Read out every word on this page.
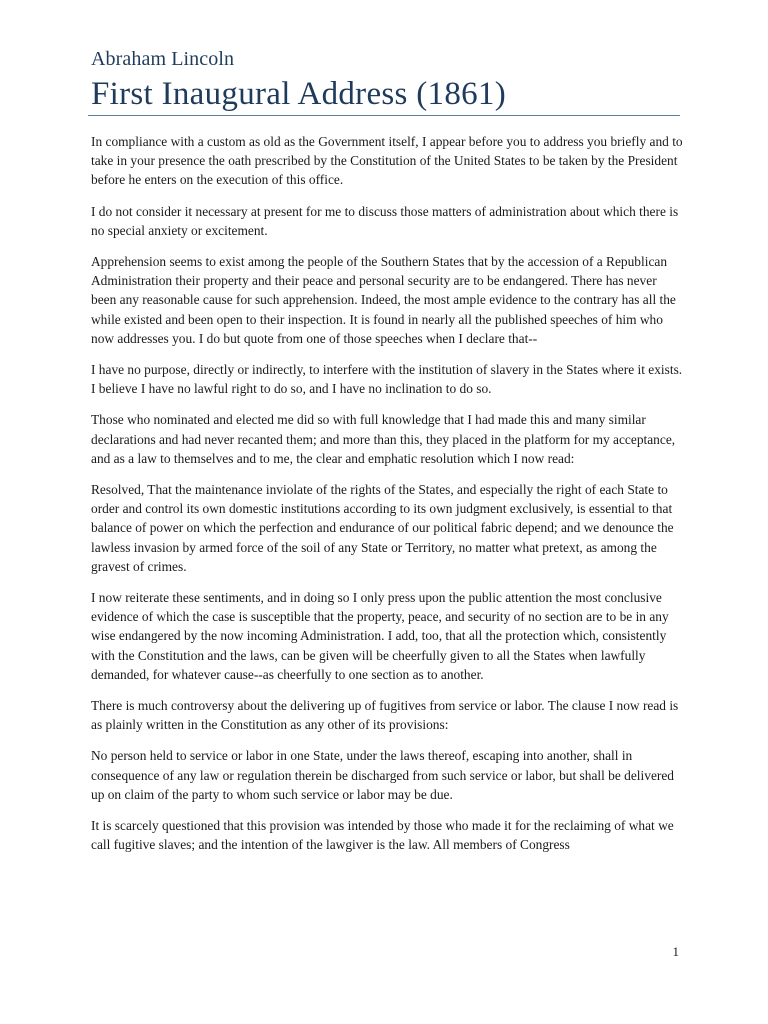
Abraham Lincoln
First Inaugural Address (1861)

In compliance with a custom as old as the Government itself, I appear before you to address you briefly and to take in your presence the oath prescribed by the Constitution of the United States to be taken by the President before he enters on the execution of this office.

I do not consider it necessary at present for me to discuss those matters of administration about which there is no special anxiety or excitement.

Apprehension seems to exist among the people of the Southern States that by the accession of a Republican Administration their property and their peace and personal security are to be endangered. There has never been any reasonable cause for such apprehension. Indeed, the most ample evidence to the contrary has all the while existed and been open to their inspection. It is found in nearly all the published speeches of him who now addresses you. I do but quote from one of those speeches when I declare that--

I have no purpose, directly or indirectly, to interfere with the institution of slavery in the States where it exists. I believe I have no lawful right to do so, and I have no inclination to do so.

Those who nominated and elected me did so with full knowledge that I had made this and many similar declarations and had never recanted them; and more than this, they placed in the platform for my acceptance, and as a law to themselves and to me, the clear and emphatic resolution which I now read:

Resolved, That the maintenance inviolate of the rights of the States, and especially the right of each State to order and control its own domestic institutions according to its own judgment exclusively, is essential to that balance of power on which the perfection and endurance of our political fabric depend; and we denounce the lawless invasion by armed force of the soil of any State or Territory, no matter what pretext, as among the gravest of crimes.

I now reiterate these sentiments, and in doing so I only press upon the public attention the most conclusive evidence of which the case is susceptible that the property, peace, and security of no section are to be in any wise endangered by the now incoming Administration. I add, too, that all the protection which, consistently with the Constitution and the laws, can be given will be cheerfully given to all the States when lawfully demanded, for whatever cause--as cheerfully to one section as to another.

There is much controversy about the delivering up of fugitives from service or labor. The clause I now read is as plainly written in the Constitution as any other of its provisions:

No person held to service or labor in one State, under the laws thereof, escaping into another, shall in consequence of any law or regulation therein be discharged from such service or labor, but shall be delivered up on claim of the party to whom such service or labor may be due.

It is scarcely questioned that this provision was intended by those who made it for the reclaiming of what we call fugitive slaves; and the intention of the lawgiver is the law. All members of Congress

1
